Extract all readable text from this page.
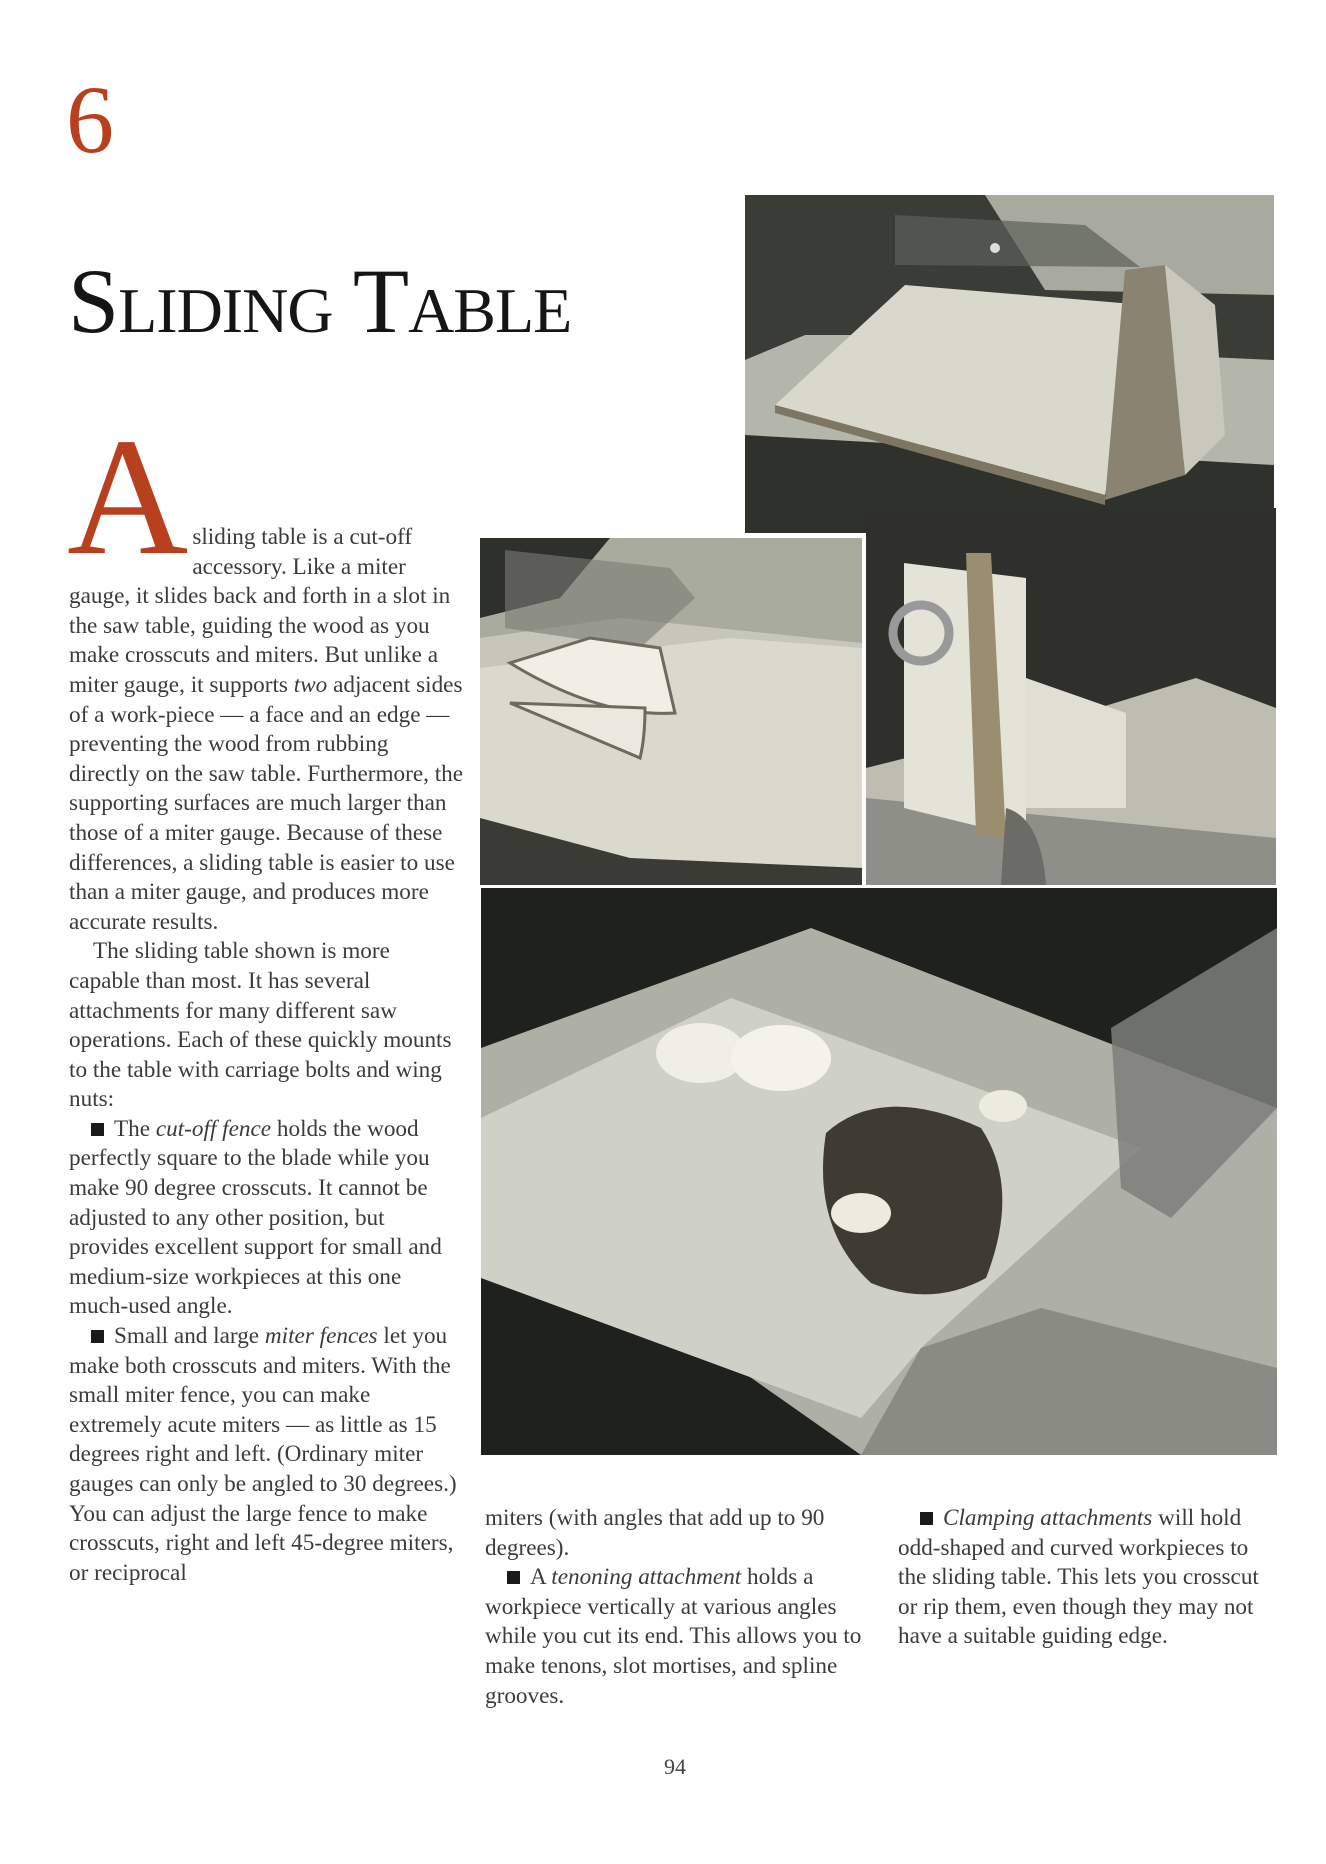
6
Sliding Table

A sliding table is a cut-off accessory. Like a miter gauge, it slides back and forth in a slot in the saw table, guiding the wood as you make crosscuts and miters. But unlike a miter gauge, it supports two adjacent sides of a work-piece — a face and an edge — preventing the wood from rubbing directly on the saw table. Furthermore, the supporting surfaces are much larger than those of a miter gauge. Because of these differences, a sliding table is easier to use than a miter gauge, and produces more accurate results.

The sliding table shown is more capable than most. It has several attachments for many different saw operations. Each of these quickly mounts to the table with carriage bolts and wing nuts:

The cut-off fence holds the wood perfectly square to the blade while you make 90 degree crosscuts. It cannot be adjusted to any other position, but provides excellent support for small and medium-size workpieces at this one much-used angle.

Small and large miter fences let you make both crosscuts and miters. With the small miter fence, you can make extremely acute miters — as little as 15 degrees right and left. (Ordinary miter gauges can only be angled to 30 degrees.) You can adjust the large fence to make crosscuts, right and left 45-degree miters, or reciprocal

miters (with angles that add up to 90 degrees).

A tenoning attachment holds a workpiece vertically at various angles while you cut its end. This allows you to make tenons, slot mortises, and spline grooves.

Clamping attachments will hold odd-shaped and curved workpieces to the sliding table. This lets you crosscut or rip them, even though they may not have a suitable guiding edge.

94
